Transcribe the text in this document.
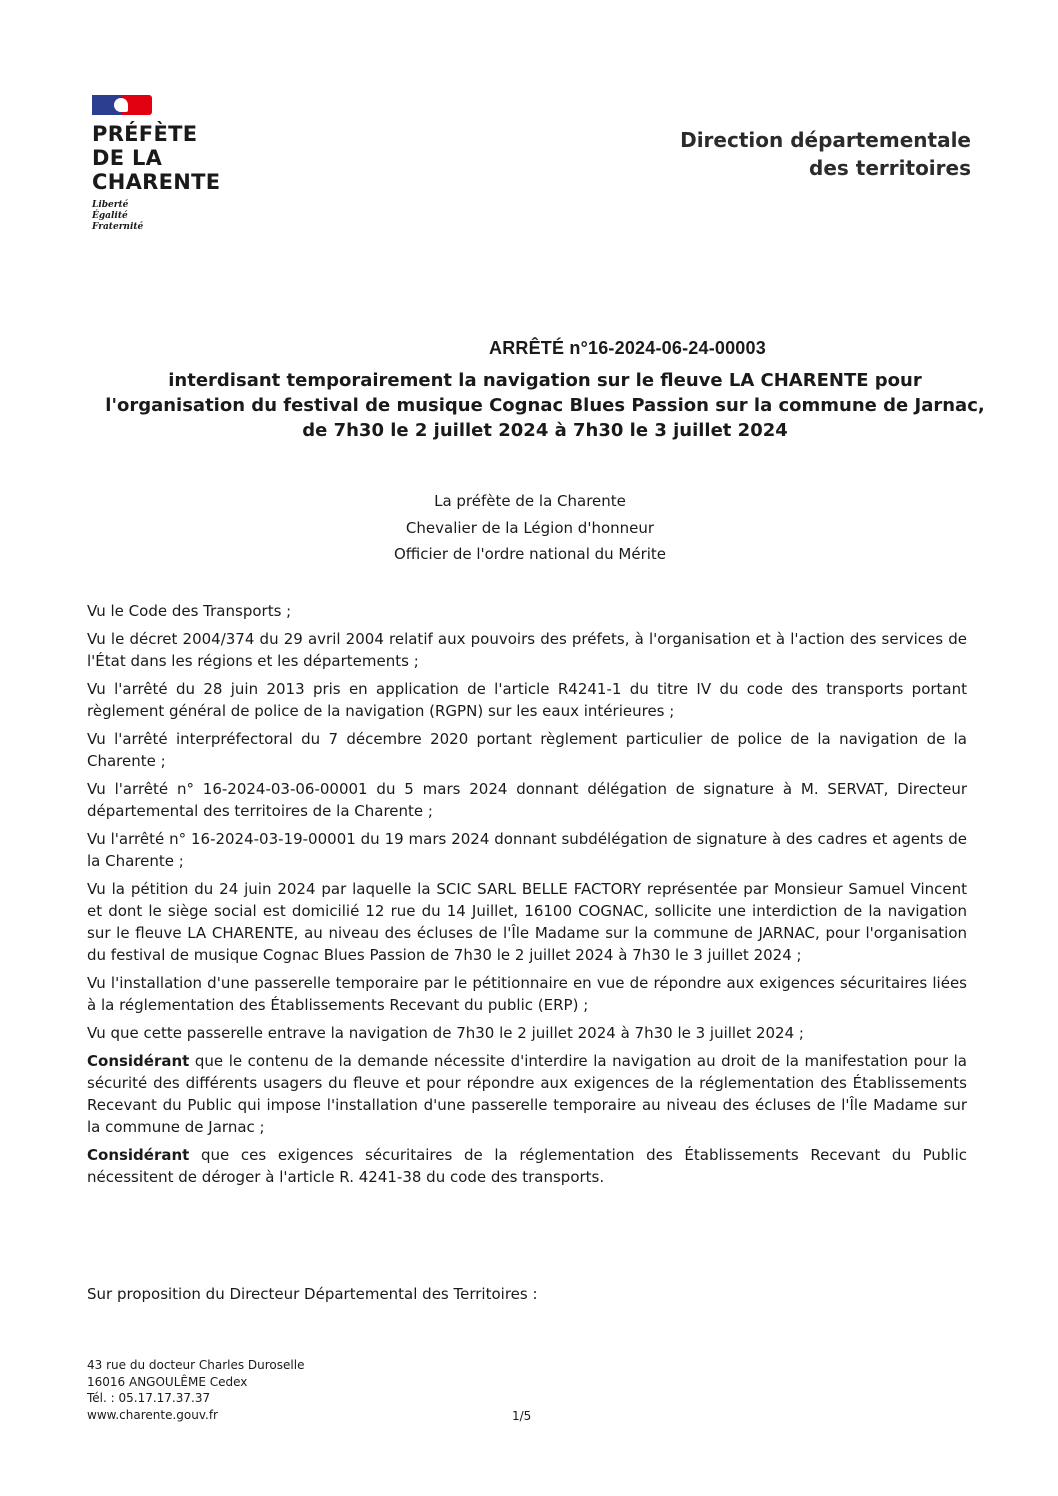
PRÉFÈTE
DE LA
CHARENTE
Liberté
Égalité
Fraternité
Direction départementale
des territoires
ARRÊTÉ n°16-2024-06-24-00003
interdisant temporairement la navigation sur le fleuve LA CHARENTE pour
l'organisation du festival de musique Cognac Blues Passion sur la commune de Jarnac,
de 7h30 le 2 juillet 2024 à 7h30 le 3 juillet 2024
La préfète de la Charente
Chevalier de la Légion d'honneur
Officier de l'ordre national du Mérite

Vu le Code des Transports ;

Vu le décret 2004/374 du 29 avril 2004 relatif aux pouvoirs des préfets, à l'organisation et à l'action des services de l'État dans les régions et les départements ;

Vu l'arrêté du 28 juin 2013 pris en application de l'article R4241-1 du titre IV du code des transports portant règlement général de police de la navigation (RGPN) sur les eaux intérieures ;

Vu l'arrêté interpréfectoral du 7 décembre 2020 portant règlement particulier de police de la navigation de la Charente ;

Vu l'arrêté n° 16-2024-03-06-00001 du 5 mars 2024 donnant délégation de signature à M. SERVAT, Directeur départemental des territoires de la Charente ;

Vu l'arrêté n° 16-2024-03-19-00001 du 19 mars 2024 donnant subdélégation de signature à des cadres et agents de la Charente ;

Vu la pétition du 24 juin 2024 par laquelle la SCIC SARL BELLE FACTORY représentée par Monsieur Samuel Vincent et dont le siège social est domicilié 12 rue du 14 Juillet, 16100 COGNAC, sollicite une interdiction de la navigation sur le fleuve LA CHARENTE, au niveau des écluses de l'Île Madame sur la commune de JARNAC, pour l'organisation du festival de musique Cognac Blues Passion de 7h30 le 2 juillet 2024 à 7h30 le 3 juillet 2024 ;

Vu l'installation d'une passerelle temporaire par le pétitionnaire en vue de répondre aux exigences sécuritaires liées à la réglementation des Établissements Recevant du public (ERP) ;

Vu que cette passerelle entrave la navigation de 7h30 le 2 juillet 2024 à 7h30 le 3 juillet 2024 ;

Considérant que le contenu de la demande nécessite d'interdire la navigation au droit de la manifestation pour la sécurité des différents usagers du fleuve et pour répondre aux exigences de la réglementation des Établissements Recevant du Public qui impose l'installation d'une passerelle temporaire au niveau des écluses de l'Île Madame sur la commune de Jarnac ;

Considérant que ces exigences sécuritaires de la réglementation des Établissements Recevant du Public nécessitent de déroger à l'article R. 4241-38 du code des transports.

Sur proposition du Directeur Départemental des Territoires :
43 rue du docteur Charles Duroselle
16016 ANGOULÊME Cedex
Tél. : 05.17.17.37.37
www.charente.gouv.fr	1/5
